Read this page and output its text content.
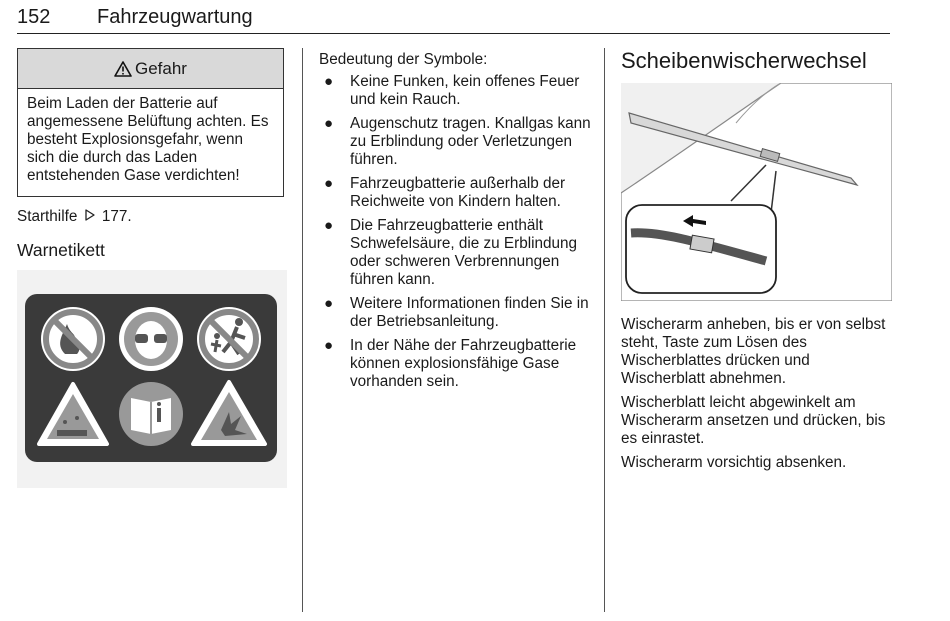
152 Fahrzeugwartung
Gefahr
Beim Laden der Batterie auf angemessene Belüftung achten. Es besteht Explosionsgefahr, wenn sich die durch das Laden entstehenden Gase verdichten!
Starthilfe 177.
Warnetikett
Bedeutung der Symbole:
● Keine Funken, kein offenes Feuer und kein Rauch.
● Augenschutz tragen. Knallgas kann zu Erblindung oder Verletzungen führen.
● Fahrzeugbatterie außerhalb der Reichweite von Kindern halten.
● Die Fahrzeugbatterie enthält Schwefelsäure, die zu Erblindung oder schweren Verbrennungen führen kann.
● Weitere Informationen finden Sie in der Betriebsanleitung.
● In der Nähe der Fahrzeugbatterie können explosionsfähige Gase vorhanden sein.
Scheibenwischerwechsel

Wischerarm anheben, bis er von selbst steht, Taste zum Lösen des Wischerblattes drücken und Wischerblatt abnehmen.

Wischerblatt leicht abgewinkelt am Wischerarm ansetzen und drücken, bis es einrastet.

Wischerarm vorsichtig absenken.
